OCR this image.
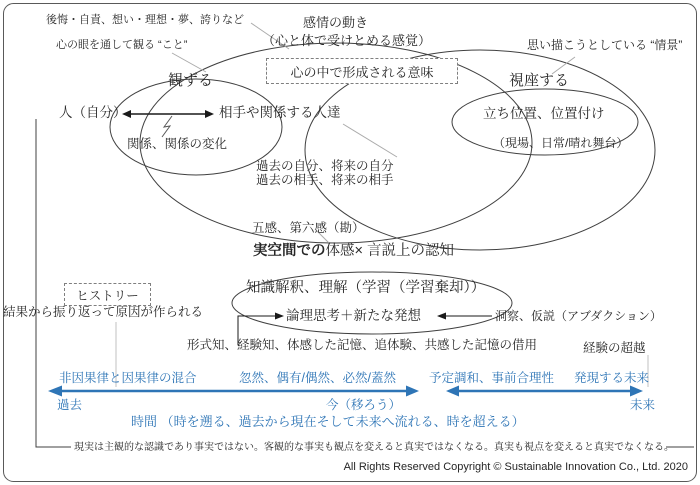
後悔・自責、想い・理想・夢、誇りなど
心の眼を通して観る “こと”
観ずる
感情の動き
（心と体で受けとめる感覚）
心の中で形成される意味
思い描こうとしている “情景”
視座する
人（自分）	相手や関係する人達
関係、関係の変化
立ち位置、位置付け
（現場、日常/晴れ舞台）
過去の自分、将来の自分
過去の相手、将来の相手
五感、第六感（勘）
実空間での体感× 言説上の認知
知識解釈、理解（学習（学習棄却））
論理思考＋新たな発想
形式知、経験知、体感した記憶、追体験、共感した記憶の借用
ヒストリー
結果から振り返って原因が作られる	洞察、仮説（アブダクション）
経験の超越
非因果律と因果律の混合	忽然、偶有/偶然、必然/蓋然	予定調和、事前合理性 発現する未来
過去	今（移ろう）	未来
時間 （時を遡る、過去から現在そして未来へ流れる、時を超える）
現実は主観的な認識であり事実ではない。客観的な事実も観点を変えると真実ではなくなる。真実も視点を変えると真実でなくなる。
All Rights Reserved Copyright © Sustainable Innovation Co., Ltd. 2020
